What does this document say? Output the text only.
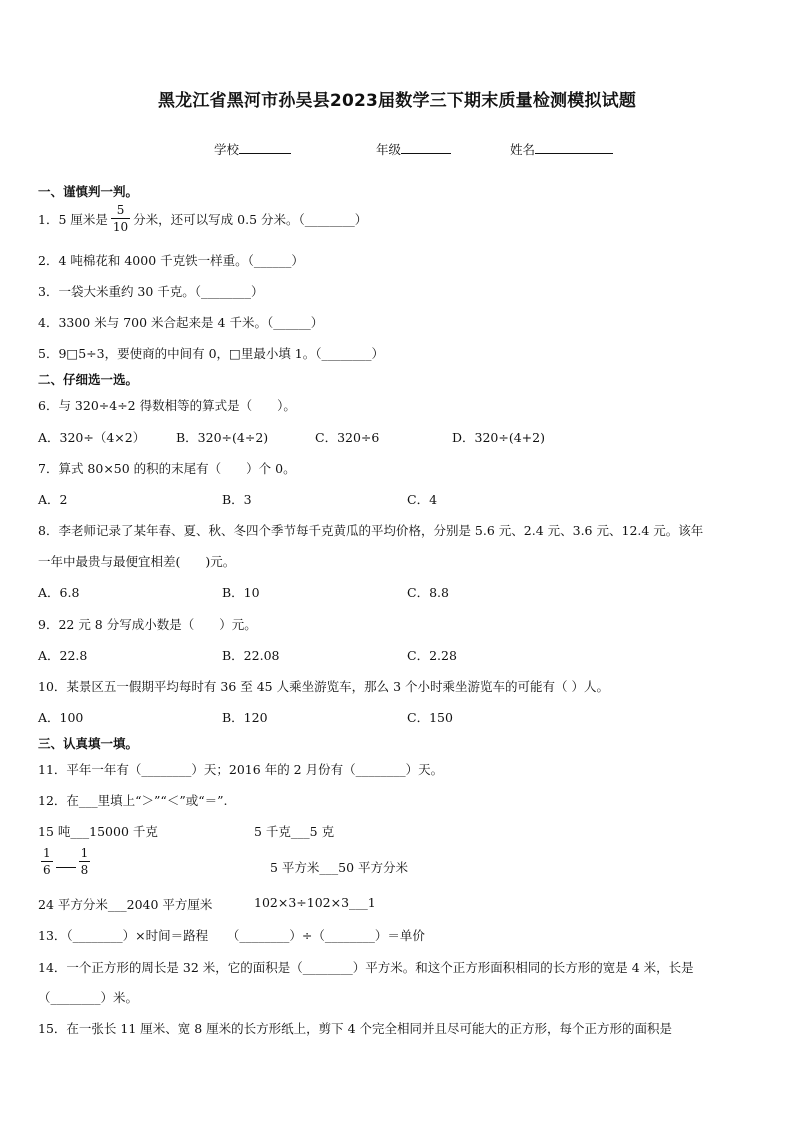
黑龙江省黑河市孙吴县2023届数学三下期末质量检测模拟试题
学校	年级	姓名
一、谨慎判一判。
1．5 厘米是 $\frac{5}{10}$ 分米，还可以写成 0.5 分米。（________）
2．4 吨棉花和 4000 千克铁一样重。（______）
3．一袋大米重约 30 千克。（________）
4．3300 米与 700 米合起来是 4 千米。（______）
5．9□5÷3，要使商的中间有 0，□里最小填 1。（________）
二、仔细选一选。
6．与 320÷4÷2 得数相等的算式是（　　）。
A．320÷（4×2） B．320÷(4÷2)	C．320÷6	D．320÷(4+2)
7．算式 80×50 的积的末尾有（　　）个 0。
A．2	B．3	C．4
8．李老师记录了某年春、夏、秋、冬四个季节每千克黄瓜的平均价格，分别是 5.6 元、2.4 元、3.6 元、12.4 元。该年
一年中最贵与最便宜相差(　　)元。
A．6.8	B．10	C．8.8
9．22 元 8 分写成小数是（　　）元。
A．22.8	B．22.08	C．2.28
10．某景区五一假期平均每时有 36 至 45 人乘坐游览车，那么 3 个小时乘坐游览车的可能有（ ）人。
A．100	B．120	C．150
三、认真填一填。
11．平年一年有（________）天；2016 年的 2 月份有（________）天。
12．在___里填上“＞”“＜”或“＝”.
15 吨___15000 千克	5 千克___5 克
$\frac{1}{6} \frac{1}{8}$	5 平方米___50 平方分米
24 平方分米___2040 平方厘米	102×3÷102×3___1
13．（________）×时间＝路程　　（________）÷（________）＝单价
14．一个正方形的周长是 32 米，它的面积是（________）平方米。和这个正方形面积相同的长方形的宽是 4 米，长是
（________）米。
15．在一张长 11 厘米、宽 8 厘米的长方形纸上，剪下 4 个完全相同并且尽可能大的正方形，每个正方形的面积是
